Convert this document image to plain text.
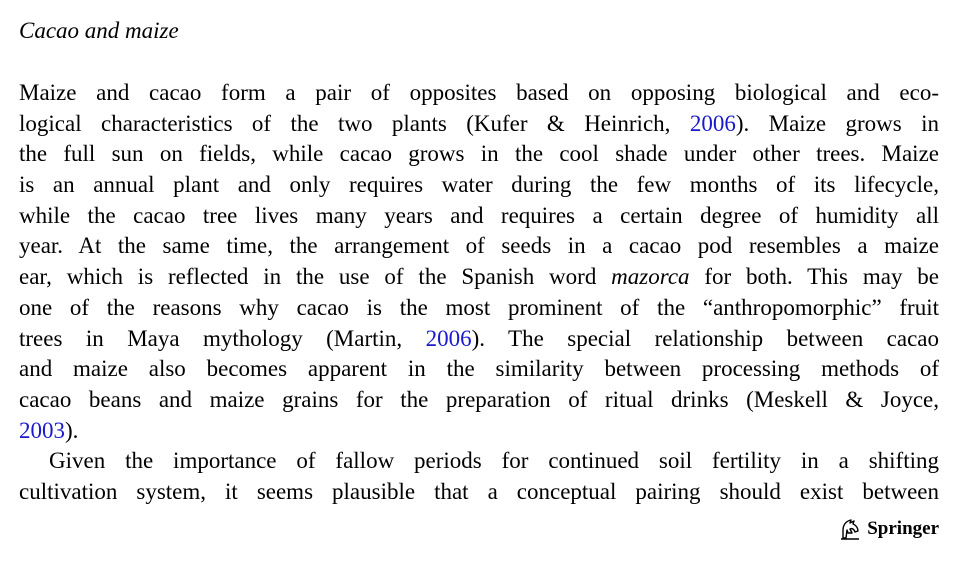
Cacao and maize
Maize and cacao form a pair of opposites based on opposing biological and eco-
logical characteristics of the two plants (Kufer & Heinrich, 2006). Maize grows in
the full sun on fields, while cacao grows in the cool shade under other trees. Maize
is an annual plant and only requires water during the few months of its lifecycle,
while the cacao tree lives many years and requires a certain degree of humidity all
year. At the same time, the arrangement of seeds in a cacao pod resembles a maize
ear, which is reflected in the use of the Spanish word mazorca for both. This may be
one of the reasons why cacao is the most prominent of the “anthropomorphic” fruit
trees in Maya mythology (Martin, 2006). The special relationship between cacao
and maize also becomes apparent in the similarity between processing methods of
cacao beans and maize grains for the preparation of ritual drinks (Meskell & Joyce,
2003).
Given the importance of fallow periods for continued soil fertility in a shifting
cultivation system, it seems plausible that a conceptual pairing should exist between
Springer
